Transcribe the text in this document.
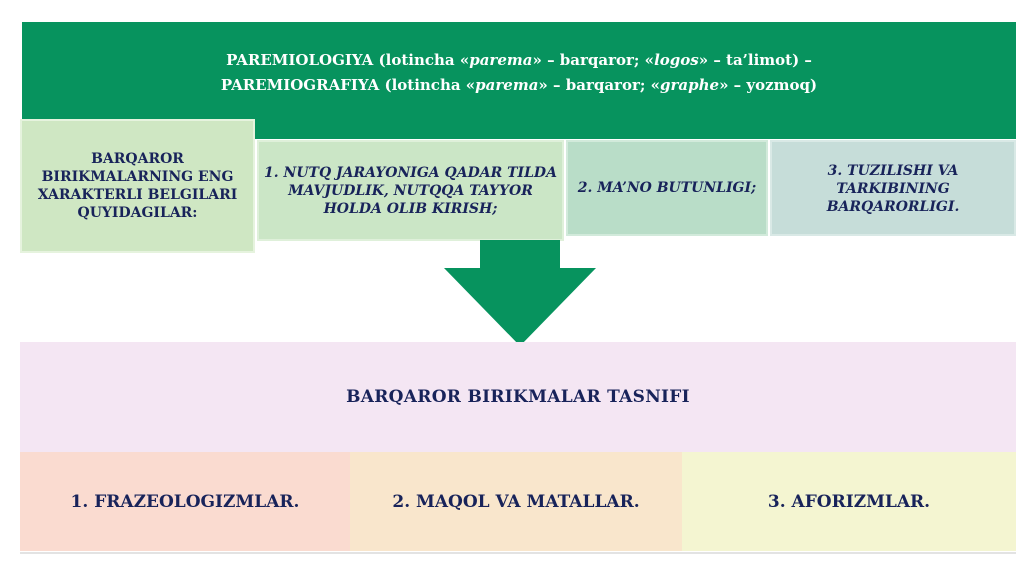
PAREMIOLOGIYA (lotincha «parema» – barqaror; «logos» – ta’limot) –
PAREMIOGRAFIYA (lotincha «parema» – barqaror; «graphe» – yozmoq)
1. NUTQ JARAYONIGA QADAR TILDA MAVJUDLIK, NUTQQA TAYYOR HOLDA OLIB KIRISH;
2. MA’NO BUTUNLIGI;
3. TUZILISHI VA TARKIBINING BARQARORLIGI.
BARQAROR BIRIKMALARNING ENG XARAKTERLI BELGILARI QUYIDAGILAR:
BARQAROR BIRIKMALAR TASNIFI
1. FRAZEOLOGIZMLAR.	2. MAQOL VA MATALLAR.	3. AFORIZMLAR.
